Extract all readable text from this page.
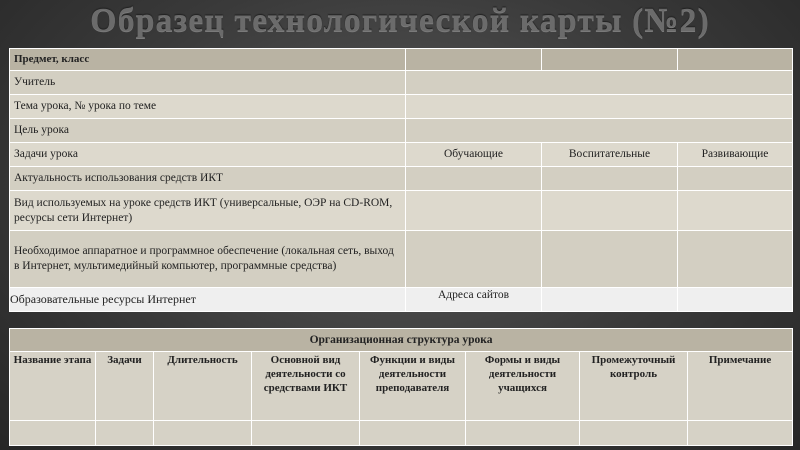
Образец технологической карты (№2)
Предмет, класс			
Учитель			
Тема урока, № урока по теме			
Цель урока			
Задачи урока	Обучающие	Воспитательные	Развивающие
Актуальность использования средств ИКТ			
Вид используемых на уроке средств ИКТ (универсальные, ОЭР на CD-ROM, ресурсы сети Интернет)			
Необходимое аппаратное и программное обеспечение (локальная сеть, выход в Интернет, мультимедийный компьютер, программные средства)			
Образовательные ресурсы Интернет	Адреса сайтов		
Организационная структура урока							
Название этапа	Задачи	Длительность	Основной вид деятельности со средствами ИКТ	Функции и виды деятельности преподавателя	Формы и виды деятельности учащихся	Промежуточный контроль	Примечание
